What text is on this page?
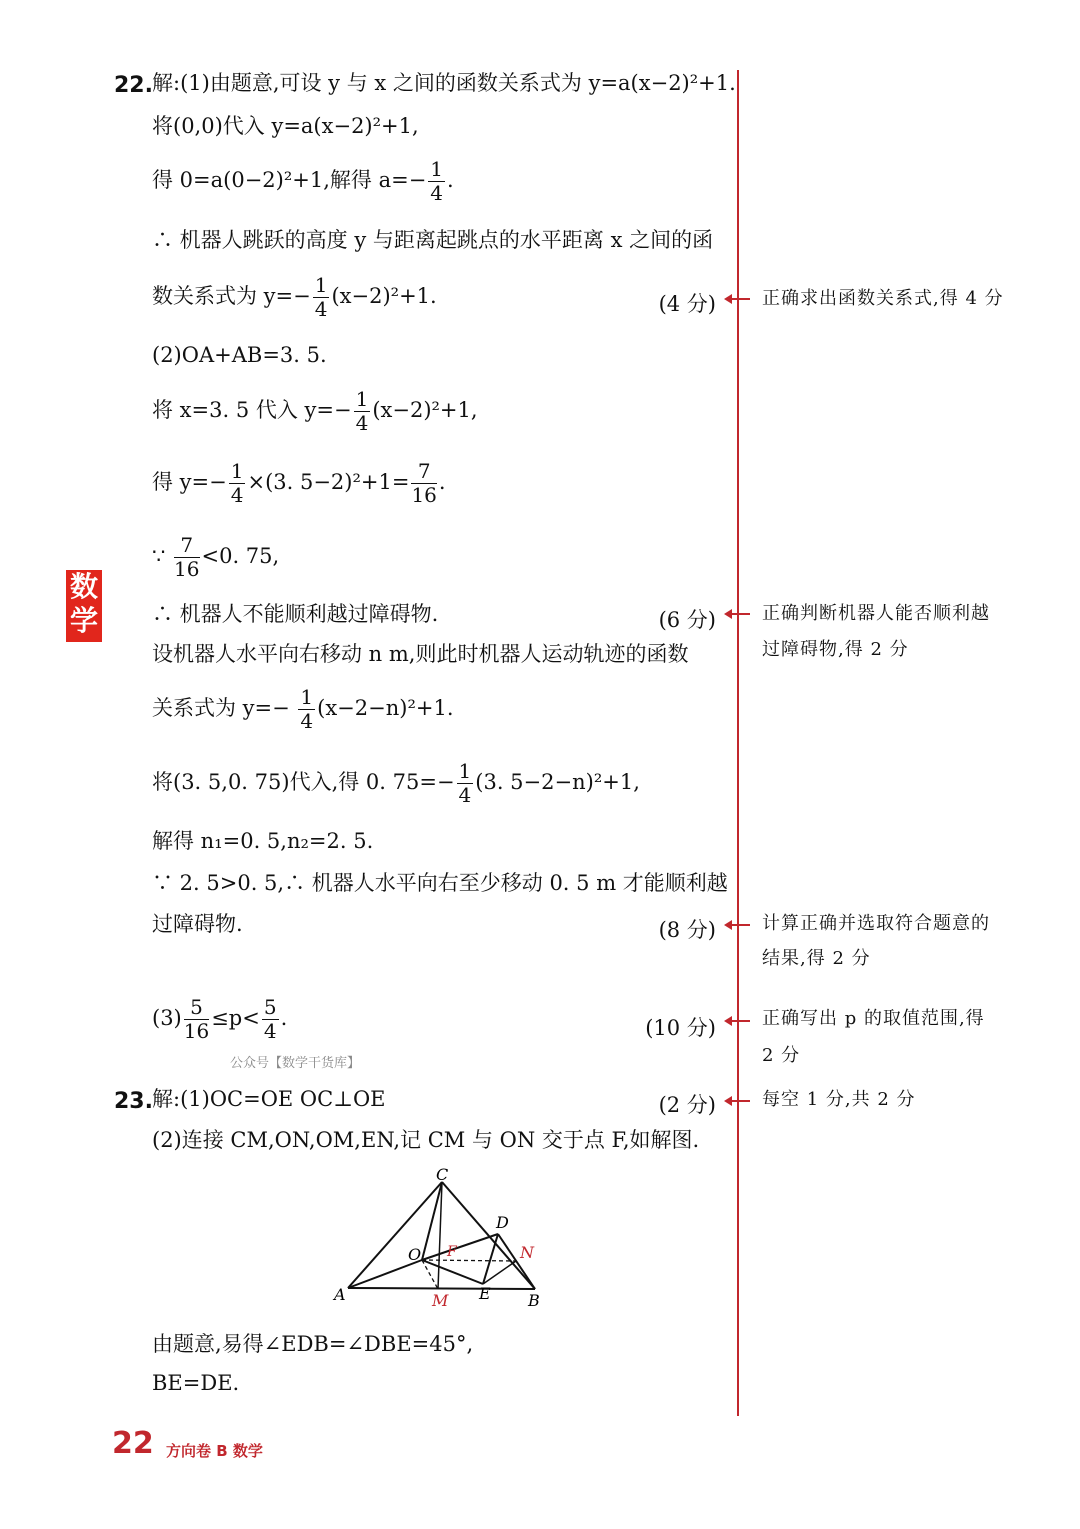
数学
22. 解:(1)由题意,可设 y 与 x 之间的函数关系式为 y=a(x−2)²+1.
将(0,0)代入 y=a(x−2)²+1,
得 0=a(0−2)²+1,解得 $a=- \frac{1}{4}$ .
∴ 机器人跳跃的高度 y 与距离起跳点的水平距离 x 之间的函
数关系式为 $y=- \frac{1}{4} (x-2)^2+1$.	(4 分)
(2)OA+AB=3. 5.
将 x=3. 5 代入 $y=- \frac{1}{4} (x-2)^2+1$,
得 $y=- \frac{1}{4} \times(3$. $5-2)^2+1= \frac{7}{16}$ .
∵ $\frac{7}{16} <0$. 75,
∴ 机器人不能顺利越过障碍物.	(6 分)
设机器人水平向右移动 n m,则此时机器人运动轨迹的函数
关系式为 $y=- \frac{1}{4} (x-2-n)^2+1$.
将(3. 5,0. 75)代入,得 0. $75=- \frac{1}{4} (3$. 5−2−n)²+1,
解得 n₁=0. 5,n₂=2. 5.
∵ 2. 5>0. 5,∴ 机器人水平向右至少移动 0. 5 m 才能顺利越
过障碍物.	(8 分)
$(3) \frac{5}{16} \le p< \frac{5}{4}$ .	(10 分)
公众号【数学干货库】
23. 解:(1)OC=OE OC⊥OE	(2 分)
(2)连接 CM,ON,OM,EN,记 CM 与 ON 交于点 F,如解图.
C
D
O F	N
A	M E B
由题意,易得∠EDB=∠DBE=45°,
BE=DE.
正确求出函数关系式,得 4 分
正确判断机器人能否顺利越
过障碍物,得 2 分
计算正确并选取符合题意的
结果,得 2 分
正确写出 p 的取值范围,得
2 分
每空 1 分,共 2 分
22 方向卷 B 数学
